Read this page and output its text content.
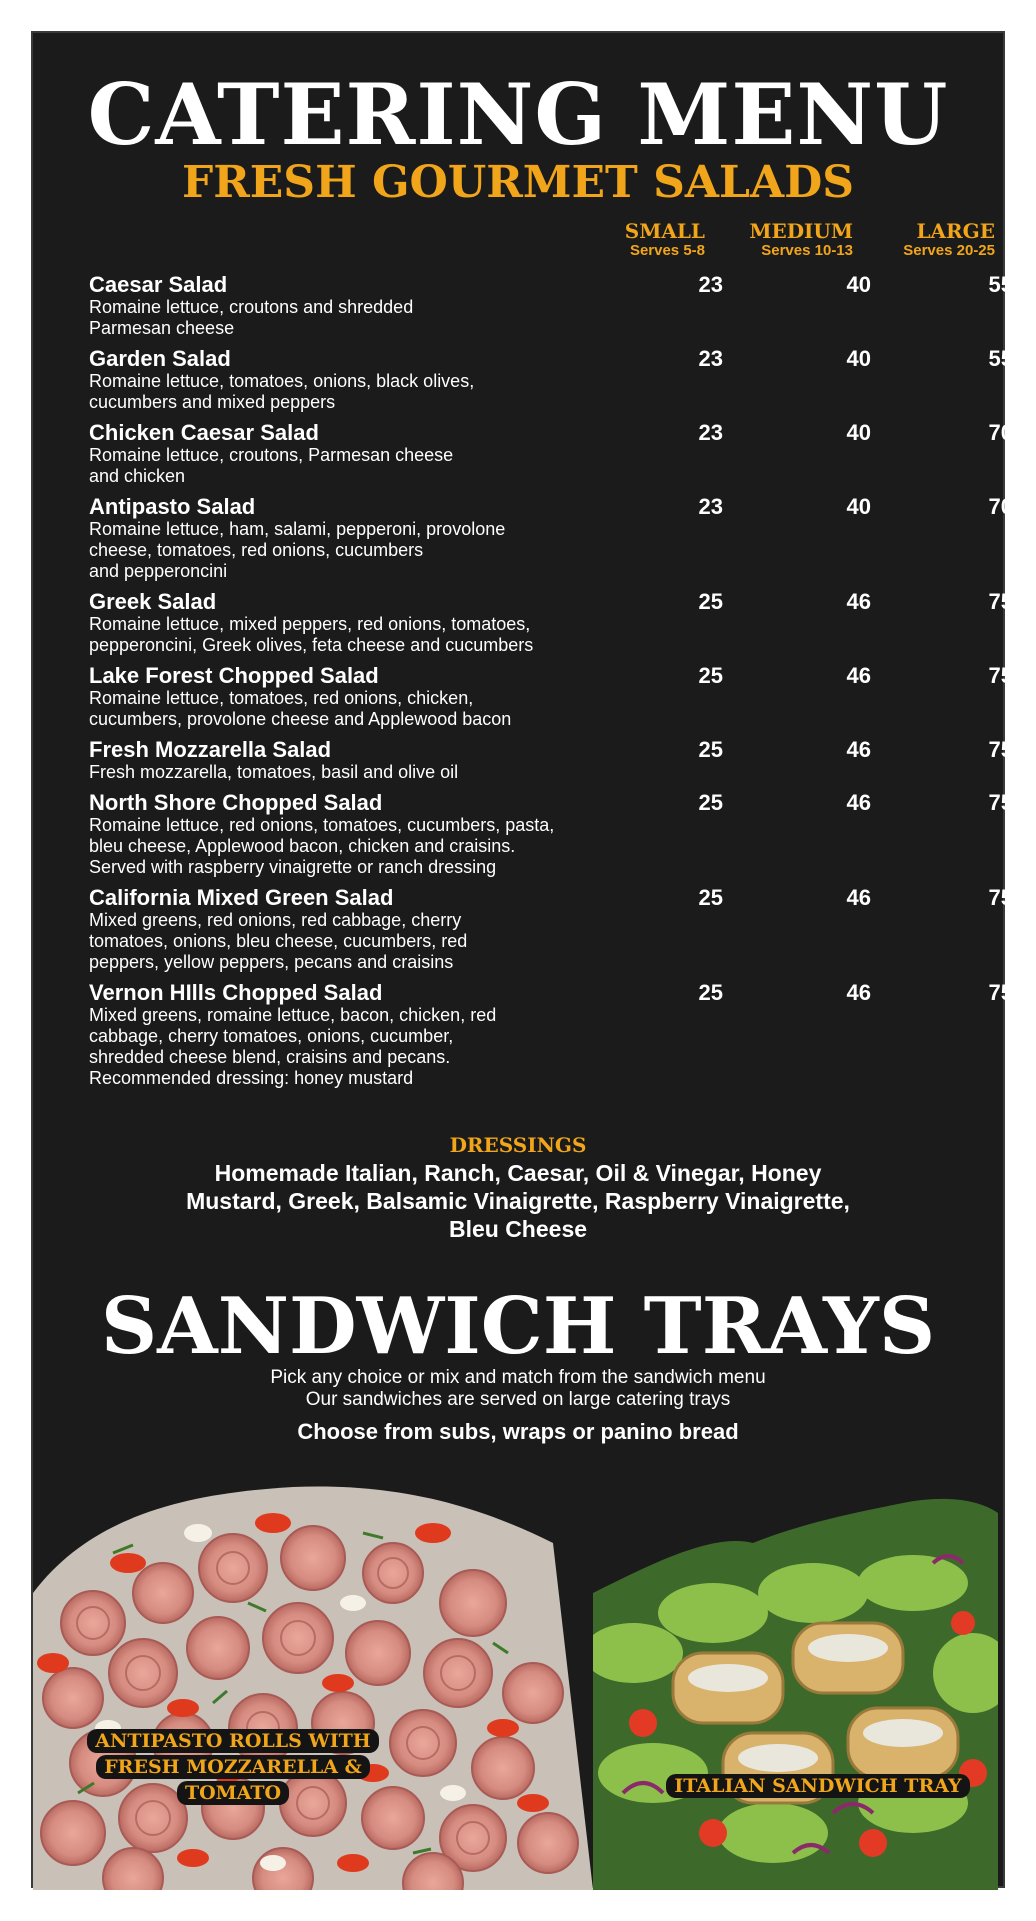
CATERING MENU
FRESH GOURMET SALADS
SMALL
Serves 5-8
MEDIUM
Serves 10-13
LARGE
Serves 20-25
Caesar Salad
Romaine lettuce, croutons and shredded
Parmesan cheese
23	40	55
Garden Salad
Romaine lettuce, tomatoes, onions, black olives,
cucumbers and mixed peppers
23	40	55
Chicken Caesar Salad
Romaine lettuce, croutons, Parmesan cheese
and chicken
23	40	70
Antipasto Salad
Romaine lettuce, ham, salami, pepperoni, provolone
cheese, tomatoes, red onions, cucumbers
and pepperoncini
23	40	70
Greek Salad
Romaine lettuce, mixed peppers, red onions, tomatoes,
pepperoncini, Greek olives, feta cheese and cucumbers
25	46	75
Lake Forest Chopped Salad
Romaine lettuce, tomatoes, red onions, chicken,
cucumbers, provolone cheese and Applewood bacon
25	46	75
Fresh Mozzarella Salad
Fresh mozzarella, tomatoes, basil and olive oil
25	46	75
North Shore Chopped Salad
Romaine lettuce, red onions, tomatoes, cucumbers, pasta,
bleu cheese, Applewood bacon, chicken and craisins.
Served with raspberry vinaigrette or ranch dressing
25	46	75
California Mixed Green Salad
Mixed greens, red onions, red cabbage, cherry
tomatoes, onions, bleu cheese, cucumbers, red
peppers, yellow peppers, pecans and craisins
25	46	75
Vernon HIlls Chopped Salad
Mixed greens, romaine lettuce, bacon, chicken, red
cabbage, cherry tomatoes, onions, cucumber,
shredded cheese blend, craisins and pecans.
Recommended dressing: honey mustard
25	46	75
DRESSINGS
Homemade Italian, Ranch, Caesar, Oil & Vinegar, Honey Mustard, Greek, Balsamic Vinaigrette, Raspberry Vinaigrette, Bleu Cheese
SANDWICH TRAYS
Pick any choice or mix and match from the sandwich menu
Our sandwiches are served on large catering trays
Choose from subs, wraps or panino bread
ANTIPASTO ROLLS WITH
FRESH MOZZARELLA &
TOMATO	ITALIAN SANDWICH TRAY
